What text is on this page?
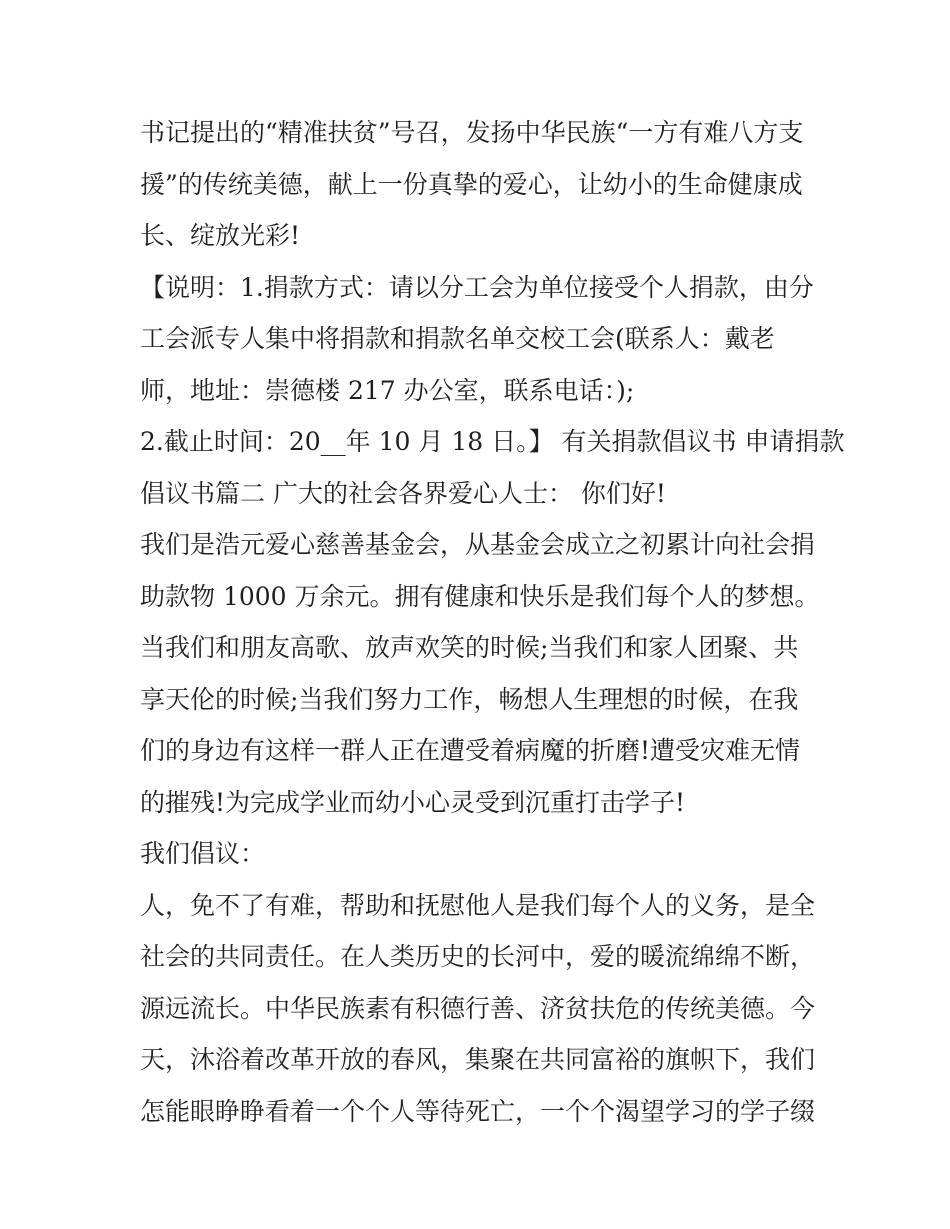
书记提出的“精准扶贫”号召，发扬中华民族“一方有难八方支
援”的传统美德，献上一份真挚的爱心，让幼小的生命健康成
长、绽放光彩!
【说明：1.捐款方式：请以分工会为单位接受个人捐款，由分
工会派专人集中将捐款和捐款名单交校工会(联系人：戴老
师，地址：崇德楼 217 办公室，联系电话：);
2.截止时间：20__年 10 月 18 日。】 有关捐款倡议书 申请捐款
倡议书篇二 广大的社会各界爱心人士： 你们好!
我们是浩元爱心慈善基金会，从基金会成立之初累计向社会捐
助款物 1000 万余元。拥有健康和快乐是我们每个人的梦想。
当我们和朋友高歌、放声欢笑的时候;当我们和家人团聚、共
享天伦的时候;当我们努力工作，畅想人生理想的时候，在我
们的身边有这样一群人正在遭受着病魔的折磨!遭受灾难无情
的摧残!为完成学业而幼小心灵受到沉重打击学子!
我们倡议：
人，免不了有难，帮助和抚慰他人是我们每个人的义务，是全
社会的共同责任。在人类历史的长河中，爱的暖流绵绵不断，
源远流长。中华民族素有积德行善、济贫扶危的传统美德。今
天，沐浴着改革开放的春风，集聚在共同富裕的旗帜下，我们
怎能眼睁睁看着一个个人等待死亡，一个个渴望学习的学子缀
